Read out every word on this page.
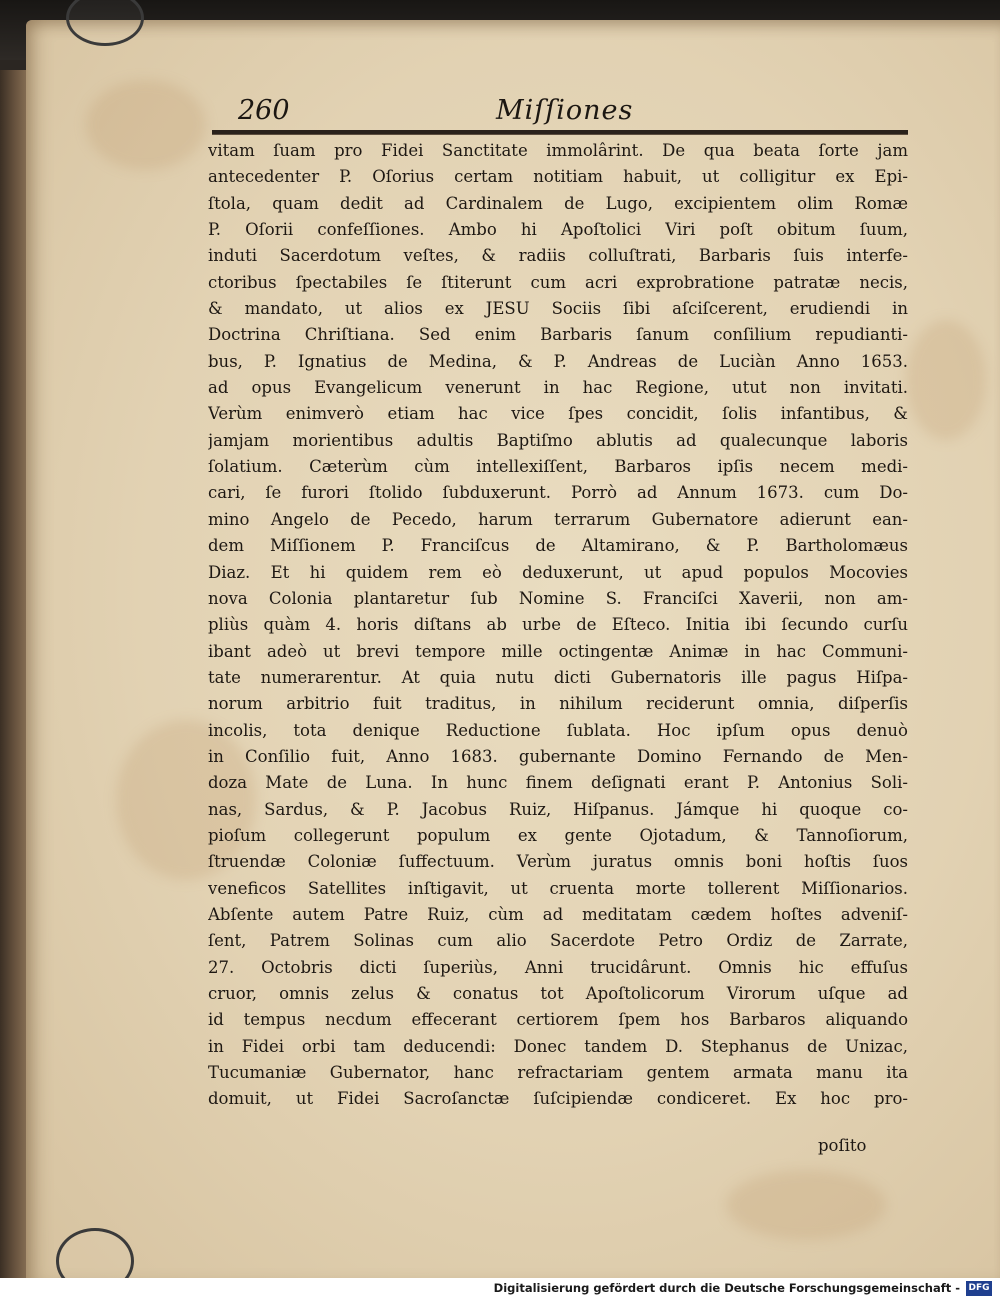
260	Miſſiones
vitam ſuam pro Fidei Sanctitate immolârint. De qua beata ſorte jam
antecedenter P. Oſorius certam notitiam habuit, ut colligitur ex Epi-
ſtola, quam dedit ad Cardinalem de Lugo, excipientem olim Romæ
P. Oſorii confeſſiones. Ambo hi Apoſtolici Viri poſt obitum ſuum,
induti Sacerdotum veſtes, & radiis colluſtrati, Barbaris ſuis interfe-
ctoribus ſpectabiles ſe ſtiterunt cum acri exprobratione patratæ necis,
& mandato, ut alios ex JESU Sociis ſibi aſciſcerent, erudiendi in
Doctrina Chriſtiana. Sed enim Barbaris ſanum conſilium repudianti-
bus, P. Ignatius de Medina, & P. Andreas de Luciàn Anno 1653.
ad opus Evangelicum venerunt in hac Regione, utut non invitati.
Verùm enimverò etiam hac vice ſpes concidit, ſolis infantibus, &
jamjam morientibus adultis Baptiſmo ablutis ad qualecunque laboris
ſolatium. Cæterùm cùm intellexiſſent, Barbaros ipſis necem medi-
cari, ſe furori ſtolido ſubduxerunt. Porrò ad Annum 1673. cum Do-
mino Angelo de Pecedo, harum terrarum Gubernatore adierunt ean-
dem Miſſionem P. Franciſcus de Altamirano, & P. Bartholomæus
Diaz. Et hi quidem rem eò deduxerunt, ut apud populos Mocovies
nova Colonia plantaretur ſub Nomine S. Franciſci Xaverii, non am-
pliùs quàm 4. horis diſtans ab urbe de Eſteco. Initia ibi ſecundo curſu
ibant adeò ut brevi tempore mille octingentæ Animæ in hac Communi-
tate numerarentur. At quia nutu dicti Gubernatoris ille pagus Hiſpa-
norum arbitrio fuit traditus, in nihilum reciderunt omnia, diſperſis
incolis, tota denique Reductione ſublata. Hoc ipſum opus denuò
in Conſilio fuit, Anno 1683. gubernante Domino Fernando de Men-
doza Mate de Luna. In hunc finem deſignati erant P. Antonius Soli-
nas, Sardus, & P. Jacobus Ruiz, Hiſpanus. Jámque hi quoque co-
pioſum collegerunt populum ex gente Ojotadum, & Tannoſiorum,
ſtruendæ Coloniæ ſuffectuum. Verùm juratus omnis boni hoſtis ſuos
veneficos Satellites inſtigavit, ut cruenta morte tollerent Miſſionarios.
Abſente autem Patre Ruiz, cùm ad meditatam cædem hoſtes adveniſ-
ſent, Patrem Solinas cum alio Sacerdote Petro Ordiz de Zarrate,
27. Octobris dicti ſuperiùs, Anni trucidârunt. Omnis hic effuſus
cruor, omnis zelus & conatus tot Apoſtolicorum Virorum uſque ad
id tempus necdum effecerant certiorem ſpem hos Barbaros aliquando
in Fidei orbi tam deducendi: Donec tandem D. Stephanus de Unizac,
Tucumaniæ Gubernator, hanc refractariam gentem armata manu ita
domuit, ut Fidei Sacroſanctæ ſuſcipiendæ condiceret. Ex hoc pro-
poſito
Digitalisierung gefördert durch die Deutsche Forschungsgemeinschaft - DFG
